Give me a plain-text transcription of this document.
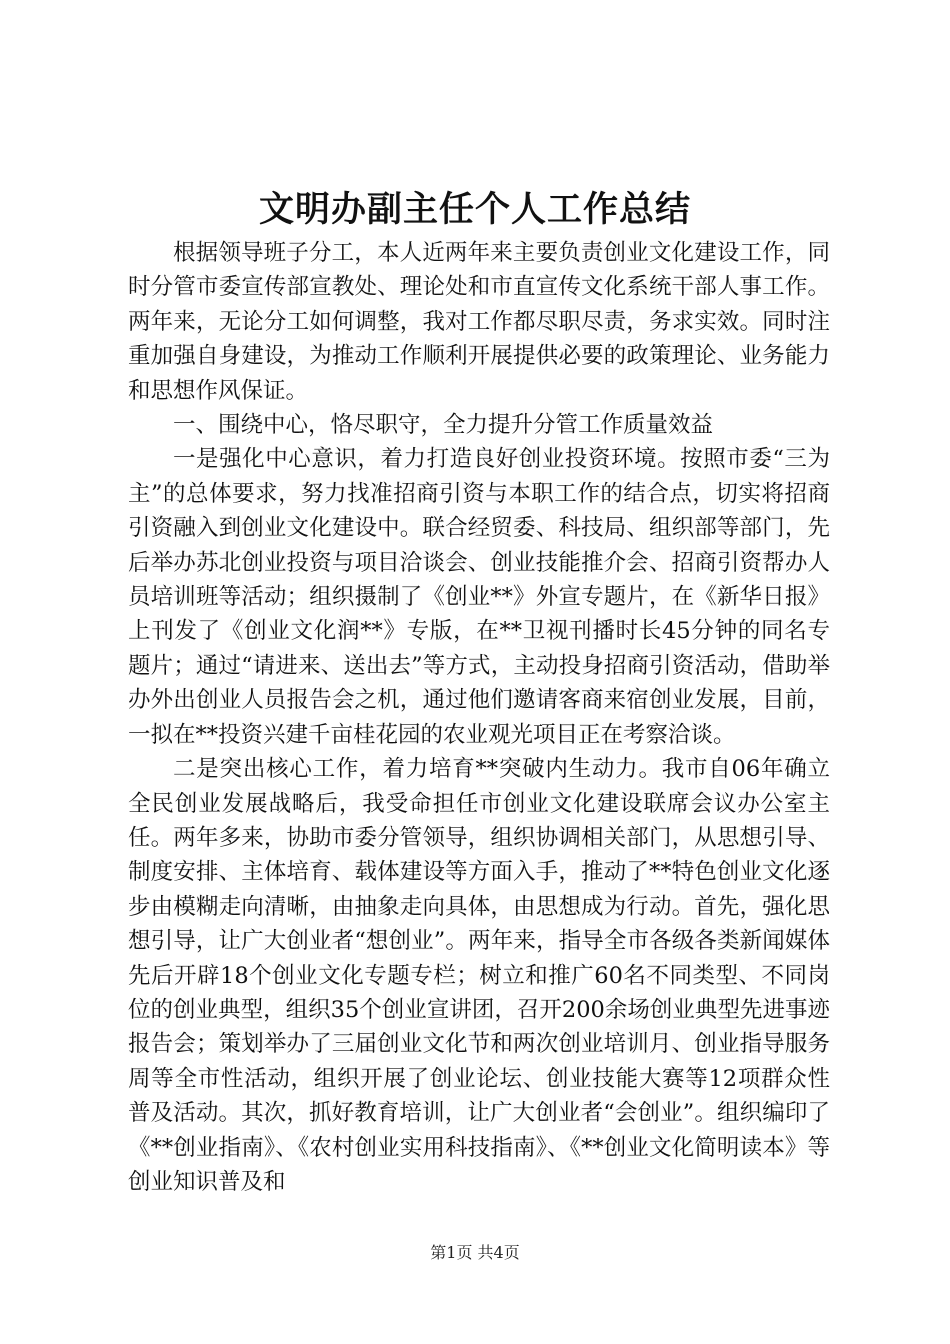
文明办副主任个人工作总结

根据领导班子分工，本人近两年来主要负责创业文化建设工作，同时分管市委宣传部宣教处、理论处和市直宣传文化系统干部人事工作。两年来，无论分工如何调整，我对工作都尽职尽责，务求实效。同时注重加强自身建设，为推动工作顺利开展提供必要的政策理论、业务能力和思想作风保证。

一、围绕中心，恪尽职守，全力提升分管工作质量效益

一是强化中心意识，着力打造良好创业投资环境。按照市委“三为主”的总体要求，努力找准招商引资与本职工作的结合点，切实将招商引资融入到创业文化建设中。联合经贸委、科技局、组织部等部门，先后举办苏北创业投资与项目洽谈会、创业技能推介会、招商引资帮办人员培训班等活动；组织摄制了《创业**》外宣专题片，在《新华日报》上刊发了《创业文化润**》专版，在**卫视刊播时长45分钟的同名专题片；通过“请进来、送出去”等方式，主动投身招商引资活动，借助举办外出创业人员报告会之机，通过他们邀请客商来宿创业发展，目前，一拟在**投资兴建千亩桂花园的农业观光项目正在考察洽谈。

二是突出核心工作，着力培育**突破内生动力。我市自06年确立全民创业发展战略后，我受命担任市创业文化建设联席会议办公室主任。两年多来，协助市委分管领导，组织协调相关部门，从思想引导、制度安排、主体培育、载体建设等方面入手，推动了**特色创业文化逐步由模糊走向清晰，由抽象走向具体，由思想成为行动。首先，强化思想引导，让广大创业者“想创业”。两年来，指导全市各级各类新闻媒体先后开辟18个创业文化专题专栏；树立和推广60名不同类型、不同岗位的创业典型，组织35个创业宣讲团，召开200余场创业典型先进事迹报告会；策划举办了三届创业文化节和两次创业培训月、创业指导服务周等全市性活动，组织开展了创业论坛、创业技能大赛等12项群众性普及活动。其次，抓好教育培训，让广大创业者“会创业”。组织编印了《**创业指南》、《农村创业实用科技指南》、《**创业文化简明读本》等创业知识普及和

第1页 共4页
